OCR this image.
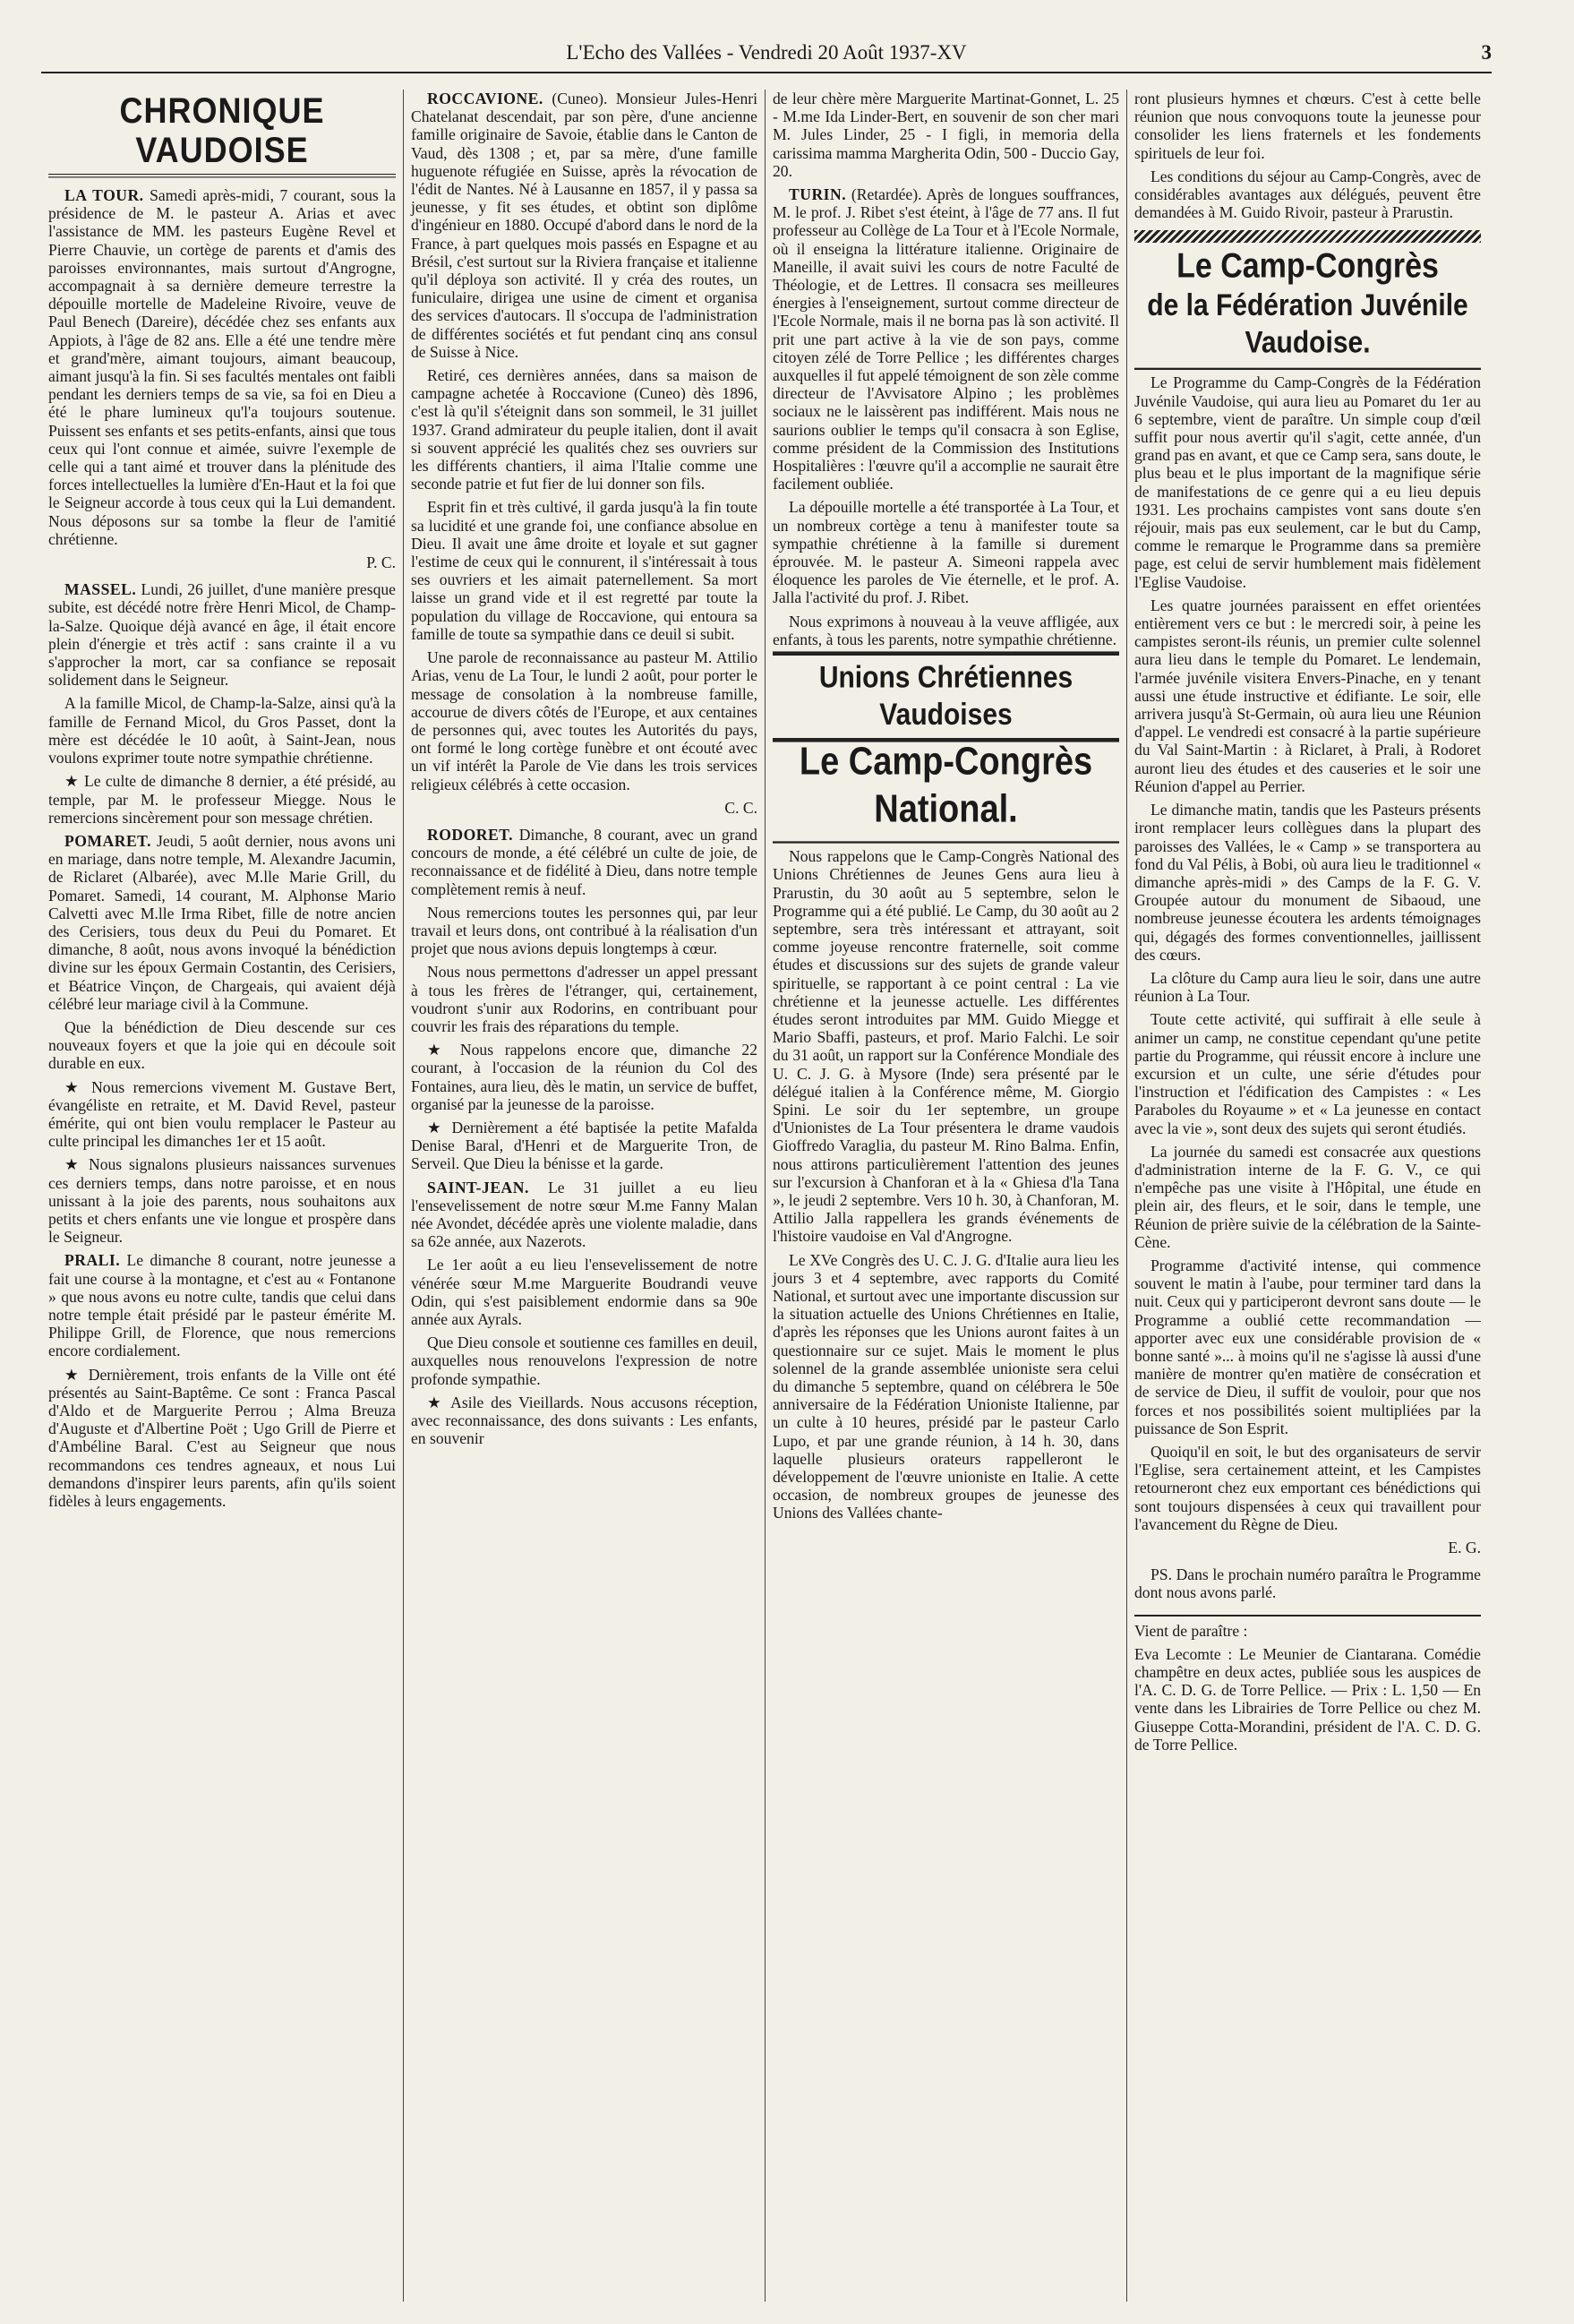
L'Echo des Vallées - Vendredi 20 Août 1937-XV	3
CHRONIQUE VAUDOISE

LA TOUR. Samedi après-midi, 7 courant, sous la présidence de M. le pasteur A. Arias et avec l'assistance de MM. les pasteurs Eugène Revel et Pierre Chauvie, un cortège de parents et d'amis des paroisses environnantes, mais surtout d'Angrogne, accompagnait à sa dernière demeure terrestre la dépouille mortelle de Madeleine Rivoire, veuve de Paul Benech (Dareire), décédée chez ses enfants aux Appiots, à l'âge de 82 ans. Elle a été une tendre mère et grand'mère, aimant toujours, aimant beaucoup, aimant jusqu'à la fin. Si ses facultés mentales ont faibli pendant les derniers temps de sa vie, sa foi en Dieu a été le phare lumineux qu'l'a toujours soutenue. Puissent ses enfants et ses petits-enfants, ainsi que tous ceux qui l'ont connue et aimée, suivre l'exemple de celle qui a tant aimé et trouver dans la plénitude des forces intellectuelles la lumière d'En-Haut et la foi que le Seigneur accorde à tous ceux qui la Lui demandent. Nous déposons sur sa tombe la fleur de l'amitié chrétienne.

P. C.

MASSEL. Lundi, 26 juillet, d'une manière presque subite, est décédé notre frère Henri Micol, de Champ-la-Salze. Quoique déjà avancé en âge, il était encore plein d'énergie et très actif : sans crainte il a vu s'approcher la mort, car sa confiance se reposait solidement dans le Seigneur.

A la famille Micol, de Champ-la-Salze, ainsi qu'à la famille de Fernand Micol, du Gros Passet, dont la mère est décédée le 10 août, à Saint-Jean, nous voulons exprimer toute notre sympathie chrétienne.

★ Le culte de dimanche 8 dernier, a été présidé, au temple, par M. le professeur Miegge. Nous le remercions sincèrement pour son message chrétien.

POMARET. Jeudi, 5 août dernier, nous avons uni en mariage, dans notre temple, M. Alexandre Jacumin, de Riclaret (Albarée), avec M.lle Marie Grill, du Pomaret. Samedi, 14 courant, M. Alphonse Mario Calvetti avec M.lle Irma Ribet, fille de notre ancien des Cerisiers, tous deux du Peui du Pomaret. Et dimanche, 8 août, nous avons invoqué la bénédiction divine sur les époux Germain Costantin, des Cerisiers, et Béatrice Vinçon, de Chargeais, qui avaient déjà célébré leur mariage civil à la Commune.

Que la bénédiction de Dieu descende sur ces nouveaux foyers et que la joie qui en découle soit durable en eux.

★ Nous remercions vivement M. Gustave Bert, évangéliste en retraite, et M. David Revel, pasteur émérite, qui ont bien voulu remplacer le Pasteur au culte principal les dimanches 1er et 15 août.

★ Nous signalons plusieurs naissances survenues ces derniers temps, dans notre paroisse, et en nous unissant à la joie des parents, nous souhaitons aux petits et chers enfants une vie longue et prospère dans le Seigneur.

PRALI. Le dimanche 8 courant, notre jeunesse a fait une course à la montagne, et c'est au « Fontanone » que nous avons eu notre culte, tandis que celui dans notre temple était présidé par le pasteur émérite M. Philippe Grill, de Florence, que nous remercions encore cordialement.

★ Dernièrement, trois enfants de la Ville ont été présentés au Saint-Baptême. Ce sont : Franca Pascal d'Aldo et de Marguerite Perrou ; Alma Breuza d'Auguste et d'Albertine Poët ; Ugo Grill de Pierre et d'Ambéline Baral. C'est au Seigneur que nous recommandons ces tendres agneaux, et nous Lui demandons d'inspirer leurs parents, afin qu'ils soient fidèles à leurs engagements.

ROCCAVIONE. (Cuneo). Monsieur Jules-Henri Chatelanat descendait, par son père, d'une ancienne famille originaire de Savoie, établie dans le Canton de Vaud, dès 1308 ; et, par sa mère, d'une famille huguenote réfugiée en Suisse, après la révocation de l'édit de Nantes. Né à Lausanne en 1857, il y passa sa jeunesse, y fit ses études, et obtint son diplôme d'ingénieur en 1880. Occupé d'abord dans le nord de la France, à part quelques mois passés en Espagne et au Brésil, c'est surtout sur la Riviera française et italienne qu'il déploya son activité. Il y créa des routes, un funiculaire, dirigea une usine de ciment et organisa des services d'autocars. Il s'occupa de l'administration de différentes sociétés et fut pendant cinq ans consul de Suisse à Nice.

Retiré, ces dernières années, dans sa maison de campagne achetée à Roccavione (Cuneo) dès 1896, c'est là qu'il s'éteignit dans son sommeil, le 31 juillet 1937. Grand admirateur du peuple italien, dont il avait si souvent apprécié les qualités chez ses ouvriers sur les différents chantiers, il aima l'Italie comme une seconde patrie et fut fier de lui donner son fils.

Esprit fin et très cultivé, il garda jusqu'à la fin toute sa lucidité et une grande foi, une confiance absolue en Dieu. Il avait une âme droite et loyale et sut gagner l'estime de ceux qui le connurent, il s'intéressait à tous ses ouvriers et les aimait paternellement. Sa mort laisse un grand vide et il est regretté par toute la population du village de Roccavione, qui entoura sa famille de toute sa sympathie dans ce deuil si subit.

Une parole de reconnaissance au pasteur M. Attilio Arias, venu de La Tour, le lundi 2 août, pour porter le message de consolation à la nombreuse famille, accourue de divers côtés de l'Europe, et aux centaines de personnes qui, avec toutes les Autorités du pays, ont formé le long cortège funèbre et ont écouté avec un vif intérêt la Parole de Vie dans les trois services religieux célébrés à cette occasion.

C. C.

RODORET. Dimanche, 8 courant, avec un grand concours de monde, a été célébré un culte de joie, de reconnaissance et de fidélité à Dieu, dans notre temple complètement remis à neuf.

Nous remercions toutes les personnes qui, par leur travail et leurs dons, ont contribué à la réalisation d'un projet que nous avions depuis longtemps à cœur.

Nous nous permettons d'adresser un appel pressant à tous les frères de l'étranger, qui, certainement, voudront s'unir aux Rodorins, en contribuant pour couvrir les frais des réparations du temple.

★ Nous rappelons encore que, dimanche 22 courant, à l'occasion de la réunion du Col des Fontaines, aura lieu, dès le matin, un service de buffet, organisé par la jeunesse de la paroisse.

★ Dernièrement a été baptisée la petite Mafalda Denise Baral, d'Henri et de Marguerite Tron, de Serveil. Que Dieu la bénisse et la garde.

SAINT-JEAN. Le 31 juillet a eu lieu l'ensevelissement de notre sœur M.me Fanny Malan née Avondet, décédée après une violente maladie, dans sa 62e année, aux Nazerots.

Le 1er août a eu lieu l'ensevelissement de notre vénérée sœur M.me Marguerite Boudrandi veuve Odin, qui s'est paisiblement endormie dans sa 90e année aux Ayrals.

Que Dieu console et soutienne ces familles en deuil, auxquelles nous renouvelons l'expression de notre profonde sympathie.

★ Asile des Vieillards. Nous accusons réception, avec reconnaissance, des dons suivants : Les enfants, en souvenir

de leur chère mère Marguerite Martinat-Gonnet, L. 25 - M.me Ida Linder-Bert, en souvenir de son cher mari M. Jules Linder, 25 - I figli, in memoria della carissima mamma Margherita Odin, 500 - Duccio Gay, 20.

TURIN. (Retardée). Après de longues souffrances, M. le prof. J. Ribet s'est éteint, à l'âge de 77 ans. Il fut professeur au Collège de La Tour et à l'Ecole Normale, où il enseigna la littérature italienne. Originaire de Maneille, il avait suivi les cours de notre Faculté de Théologie, et de Lettres. Il consacra ses meilleures énergies à l'enseignement, surtout comme directeur de l'Ecole Normale, mais il ne borna pas là son activité. Il prit une part active à la vie de son pays, comme citoyen zélé de Torre Pellice ; les différentes charges auxquelles il fut appelé témoignent de son zèle comme directeur de l'Avvisatore Alpino ; les problèmes sociaux ne le laissèrent pas indifférent. Mais nous ne saurions oublier le temps qu'il consacra à son Eglise, comme président de la Commission des Institutions Hospitalières : l'œuvre qu'il a accomplie ne saurait être facilement oubliée.

La dépouille mortelle a été transportée à La Tour, et un nombreux cortège a tenu à manifester toute sa sympathie chrétienne à la famille si durement éprouvée. M. le pasteur A. Simeoni rappela avec éloquence les paroles de Vie éternelle, et le prof. A. Jalla l'activité du prof. J. Ribet.

Nous exprimons à nouveau à la veuve affligée, aux enfants, à tous les parents, notre sympathie chrétienne.

Unions Chrétiennes Vaudoises
Le Camp-Congrès National.

Nous rappelons que le Camp-Congrès National des Unions Chrétiennes de Jeunes Gens aura lieu à Prarustin, du 30 août au 5 septembre, selon le Programme qui a été publié. Le Camp, du 30 août au 2 septembre, sera très intéressant et attrayant, soit comme joyeuse rencontre fraternelle, soit comme études et discussions sur des sujets de grande valeur spirituelle, se rapportant à ce point central : La vie chrétienne et la jeunesse actuelle. Les différentes études seront introduites par MM. Guido Miegge et Mario Sbaffi, pasteurs, et prof. Mario Falchi. Le soir du 31 août, un rapport sur la Conférence Mondiale des U. C. J. G. à Mysore (Inde) sera présenté par le délégué italien à la Conférence même, M. Giorgio Spini. Le soir du 1er septembre, un groupe d'Unionistes de La Tour présentera le drame vaudois Gioffredo Varaglia, du pasteur M. Rino Balma. Enfin, nous attirons particulièrement l'attention des jeunes sur l'excursion à Chanforan et à la « Ghiesa d'la Tana », le jeudi 2 septembre. Vers 10 h. 30, à Chanforan, M. Attilio Jalla rappellera les grands événements de l'histoire vaudoise en Val d'Angrogne.

Le XVe Congrès des U. C. J. G. d'Italie aura lieu les jours 3 et 4 septembre, avec rapports du Comité National, et surtout avec une importante discussion sur la situation actuelle des Unions Chrétiennes en Italie, d'après les réponses que les Unions auront faites à un questionnaire sur ce sujet. Mais le moment le plus solennel de la grande assemblée unioniste sera celui du dimanche 5 septembre, quand on célébrera le 50e anniversaire de la Fédération Unioniste Italienne, par un culte à 10 heures, présidé par le pasteur Carlo Lupo, et par une grande réunion, à 14 h. 30, dans laquelle plusieurs orateurs rappelleront le développement de l'œuvre unioniste en Italie. A cette occasion, de nombreux groupes de jeunesse des Unions des Vallées chante-

ront plusieurs hymnes et chœurs. C'est à cette belle réunion que nous convoquons toute la jeunesse pour consolider les liens fraternels et les fondements spirituels de leur foi.

Les conditions du séjour au Camp-Congrès, avec de considérables avantages aux délégués, peuvent être demandées à M. Guido Rivoir, pasteur à Prarustin.

Le Camp-Congrès
de la Fédération Juvénile Vaudoise.

Le Programme du Camp-Congrès de la Fédération Juvénile Vaudoise, qui aura lieu au Pomaret du 1er au 6 septembre, vient de paraître. Un simple coup d'œil suffit pour nous avertir qu'il s'agit, cette année, d'un grand pas en avant, et que ce Camp sera, sans doute, le plus beau et le plus important de la magnifique série de manifestations de ce genre qui a eu lieu depuis 1931. Les prochains campistes vont sans doute s'en réjouir, mais pas eux seulement, car le but du Camp, comme le remarque le Programme dans sa première page, est celui de servir humblement mais fidèlement l'Eglise Vaudoise.

Les quatre journées paraissent en effet orientées entièrement vers ce but : le mercredi soir, à peine les campistes seront-ils réunis, un premier culte solennel aura lieu dans le temple du Pomaret. Le lendemain, l'armée juvénile visitera Envers-Pinache, en y tenant aussi une étude instructive et édifiante. Le soir, elle arrivera jusqu'à St-Germain, où aura lieu une Réunion d'appel. Le vendredi est consacré à la partie supérieure du Val Saint-Martin : à Riclaret, à Prali, à Rodoret auront lieu des études et des causeries et le soir une Réunion d'appel au Perrier.

Le dimanche matin, tandis que les Pasteurs présents iront remplacer leurs collègues dans la plupart des paroisses des Vallées, le « Camp » se transportera au fond du Val Pélis, à Bobi, où aura lieu le traditionnel « dimanche après-midi » des Camps de la F. G. V. Groupée autour du monument de Sibaoud, une nombreuse jeunesse écoutera les ardents témoignages qui, dégagés des formes conventionnelles, jaillissent des cœurs.

La clôture du Camp aura lieu le soir, dans une autre réunion à La Tour.

Toute cette activité, qui suffirait à elle seule à animer un camp, ne constitue cependant qu'une petite partie du Programme, qui réussit encore à inclure une excursion et un culte, une série d'études pour l'instruction et l'édification des Campistes : « Les Paraboles du Royaume » et « La jeunesse en contact avec la vie », sont deux des sujets qui seront étudiés.

La journée du samedi est consacrée aux questions d'administration interne de la F. G. V., ce qui n'empêche pas une visite à l'Hôpital, une étude en plein air, des fleurs, et le soir, dans le temple, une Réunion de prière suivie de la célébration de la Sainte-Cène.

Programme d'activité intense, qui commence souvent le matin à l'aube, pour terminer tard dans la nuit. Ceux qui y participeront devront sans doute — le Programme a oublié cette recommandation — apporter avec eux une considérable provision de « bonne santé »... à moins qu'il ne s'agisse là aussi d'une manière de montrer qu'en matière de consécration et de service de Dieu, il suffit de vouloir, pour que nos forces et nos possibilités soient multipliées par la puissance de Son Esprit.

Quoiqu'il en soit, le but des organisateurs de servir l'Eglise, sera certainement atteint, et les Campistes retourneront chez eux emportant ces bénédictions qui sont toujours dispensées à ceux qui travaillent pour l'avancement du Règne de Dieu.

E. G.

PS. Dans le prochain numéro paraîtra le Programme dont nous avons parlé.

Vient de paraître :

Eva Lecomte : Le Meunier de Ciantarana. Comédie champêtre en deux actes, publiée sous les auspices de l'A. C. D. G. de Torre Pellice. — Prix : L. 1,50 — En vente dans les Librairies de Torre Pellice ou chez M. Giuseppe Cotta-Morandini, président de l'A. C. D. G. de Torre Pellice.
